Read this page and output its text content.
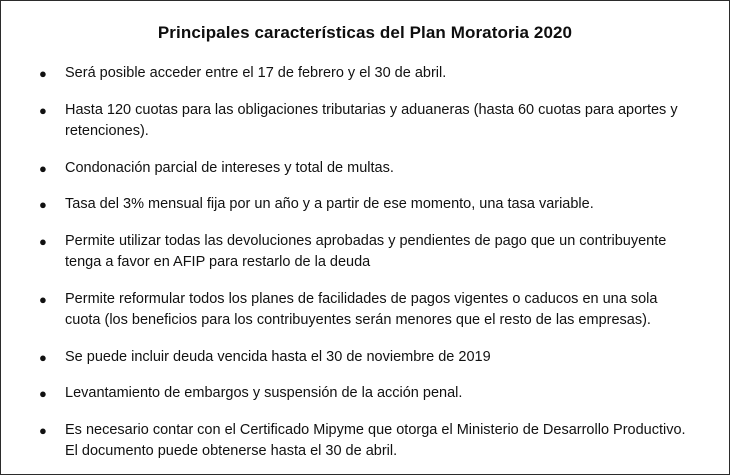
Principales características del Plan Moratoria 2020
●	Será posible acceder entre el 17 de febrero y el 30 de abril.
●	Hasta 120 cuotas para las obligaciones tributarias y aduaneras (hasta 60 cuotas para aportes y retenciones).
●	Condonación parcial de intereses y total de multas.
●	Tasa del 3% mensual fija por un año y a partir de ese momento, una tasa variable.
●	Permite utilizar todas las devoluciones aprobadas y pendientes de pago que un contribuyente tenga a favor en AFIP para restarlo de la deuda
●	Permite reformular todos los planes de facilidades de pagos vigentes o caducos en una sola cuota (los beneficios para los contribuyentes serán menores que el resto de las empresas).
●	Se puede incluir deuda vencida hasta el 30 de noviembre de 2019
●	Levantamiento de embargos y suspensión de la acción penal.
●	Es necesario contar con el Certificado Mipyme que otorga el Ministerio de Desarrollo Productivo. El documento puede obtenerse hasta el 30 de abril.
